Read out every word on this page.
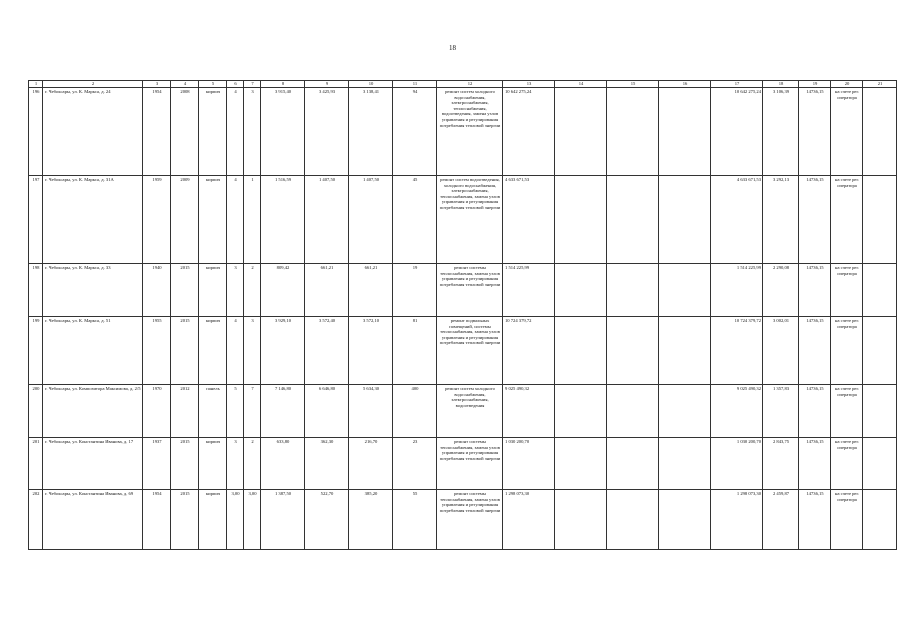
18
1	2	3	4	5	6	7	8	9	10	11	12	13	14	15	16	17	18	19	20	21
196	г. Чебоксары, ул. К. Маркса, д. 24	1954	2008	кирпич	4	3	3 915,40	3 425,93	3 138,41	94	ремонт систем холодного водоснабжения, электроснабжения, теплоснабжения, водоотведения, замена узлов управления и регулирования потребления тепловой энергии	10 642 275,24				10 642 275,24	3 106,39	14736,15	на счете рег. оператора	
197	г. Чебоксары, ул. К. Маркса, д. 31А	1959	2009	кирпич	4	1	1 516,59	1 407,50	1 407,50	45	ремонт систем водоотведения, холодного водоснабжения, электроснабжения, теплоснабжения, замена узлов управления и регулирования потребления тепловой энергии	4 633 671,53				4 633 671,53	3 292,13	14736,15	на счете рег. оператора	
198	г. Чебоксары, ул. К. Маркса, д. 33	1940	2015	кирпич	3	2	809,42	661,21	661,21	19	ремонт системы теплоснабжения, замена узлов управления и регулирования потребления тепловой энергии	1 514 225,99				1 514 225,99	2 290,08	14736,15	на счете рег. оператора	
199	г. Чебоксары, ул. К. Маркса, д. 51	1955	2015	кирпич	4	3	3 929,10	3 572,40	3 572,10	81	ремонт подвальных помещений, системы теплоснабжения, замена узлов управления и регулирования потребления тепловой энергии	10 724 379,72				10 724 379,72	3 002,01	14736,15	на счете рег. оператора	
200	г. Чебоксары, ул. Композитора Максимова, д. 2/5	1970	2012	панель	5	7	7 146,80	6 646,80	5 634,30	400	ремонт систем холодного водоснабжения, электроснабжения, водоотведения	9 025 490,32				9 025 490,32	1 357,83	14736,15	на счете рег. оператора	
201	г. Чебоксары, ул. Константина Иванова, д. 17	1937	2015	кирпич	3	2	633,80	362,30	216,70	23	ремонт системы теплоснабжения, замена узлов управления и регулирования потребления тепловой энергии	1 030 200,70				1 030 200,70	2 843,75	14736,15	на счете рег. оператора	
202	г. Чебоксары, ул. Константина Иванова, д. 69	1954	2015	кирпич	3,00	3,00	1 387,50	522,70	385,20	55	ремонт системы теплоснабжения, замена узлов управления и регулирования потребления тепловой энергии	1 298 073,30				1 298 073,30	2 459,87	14736,15	на счете рег. оператора	
